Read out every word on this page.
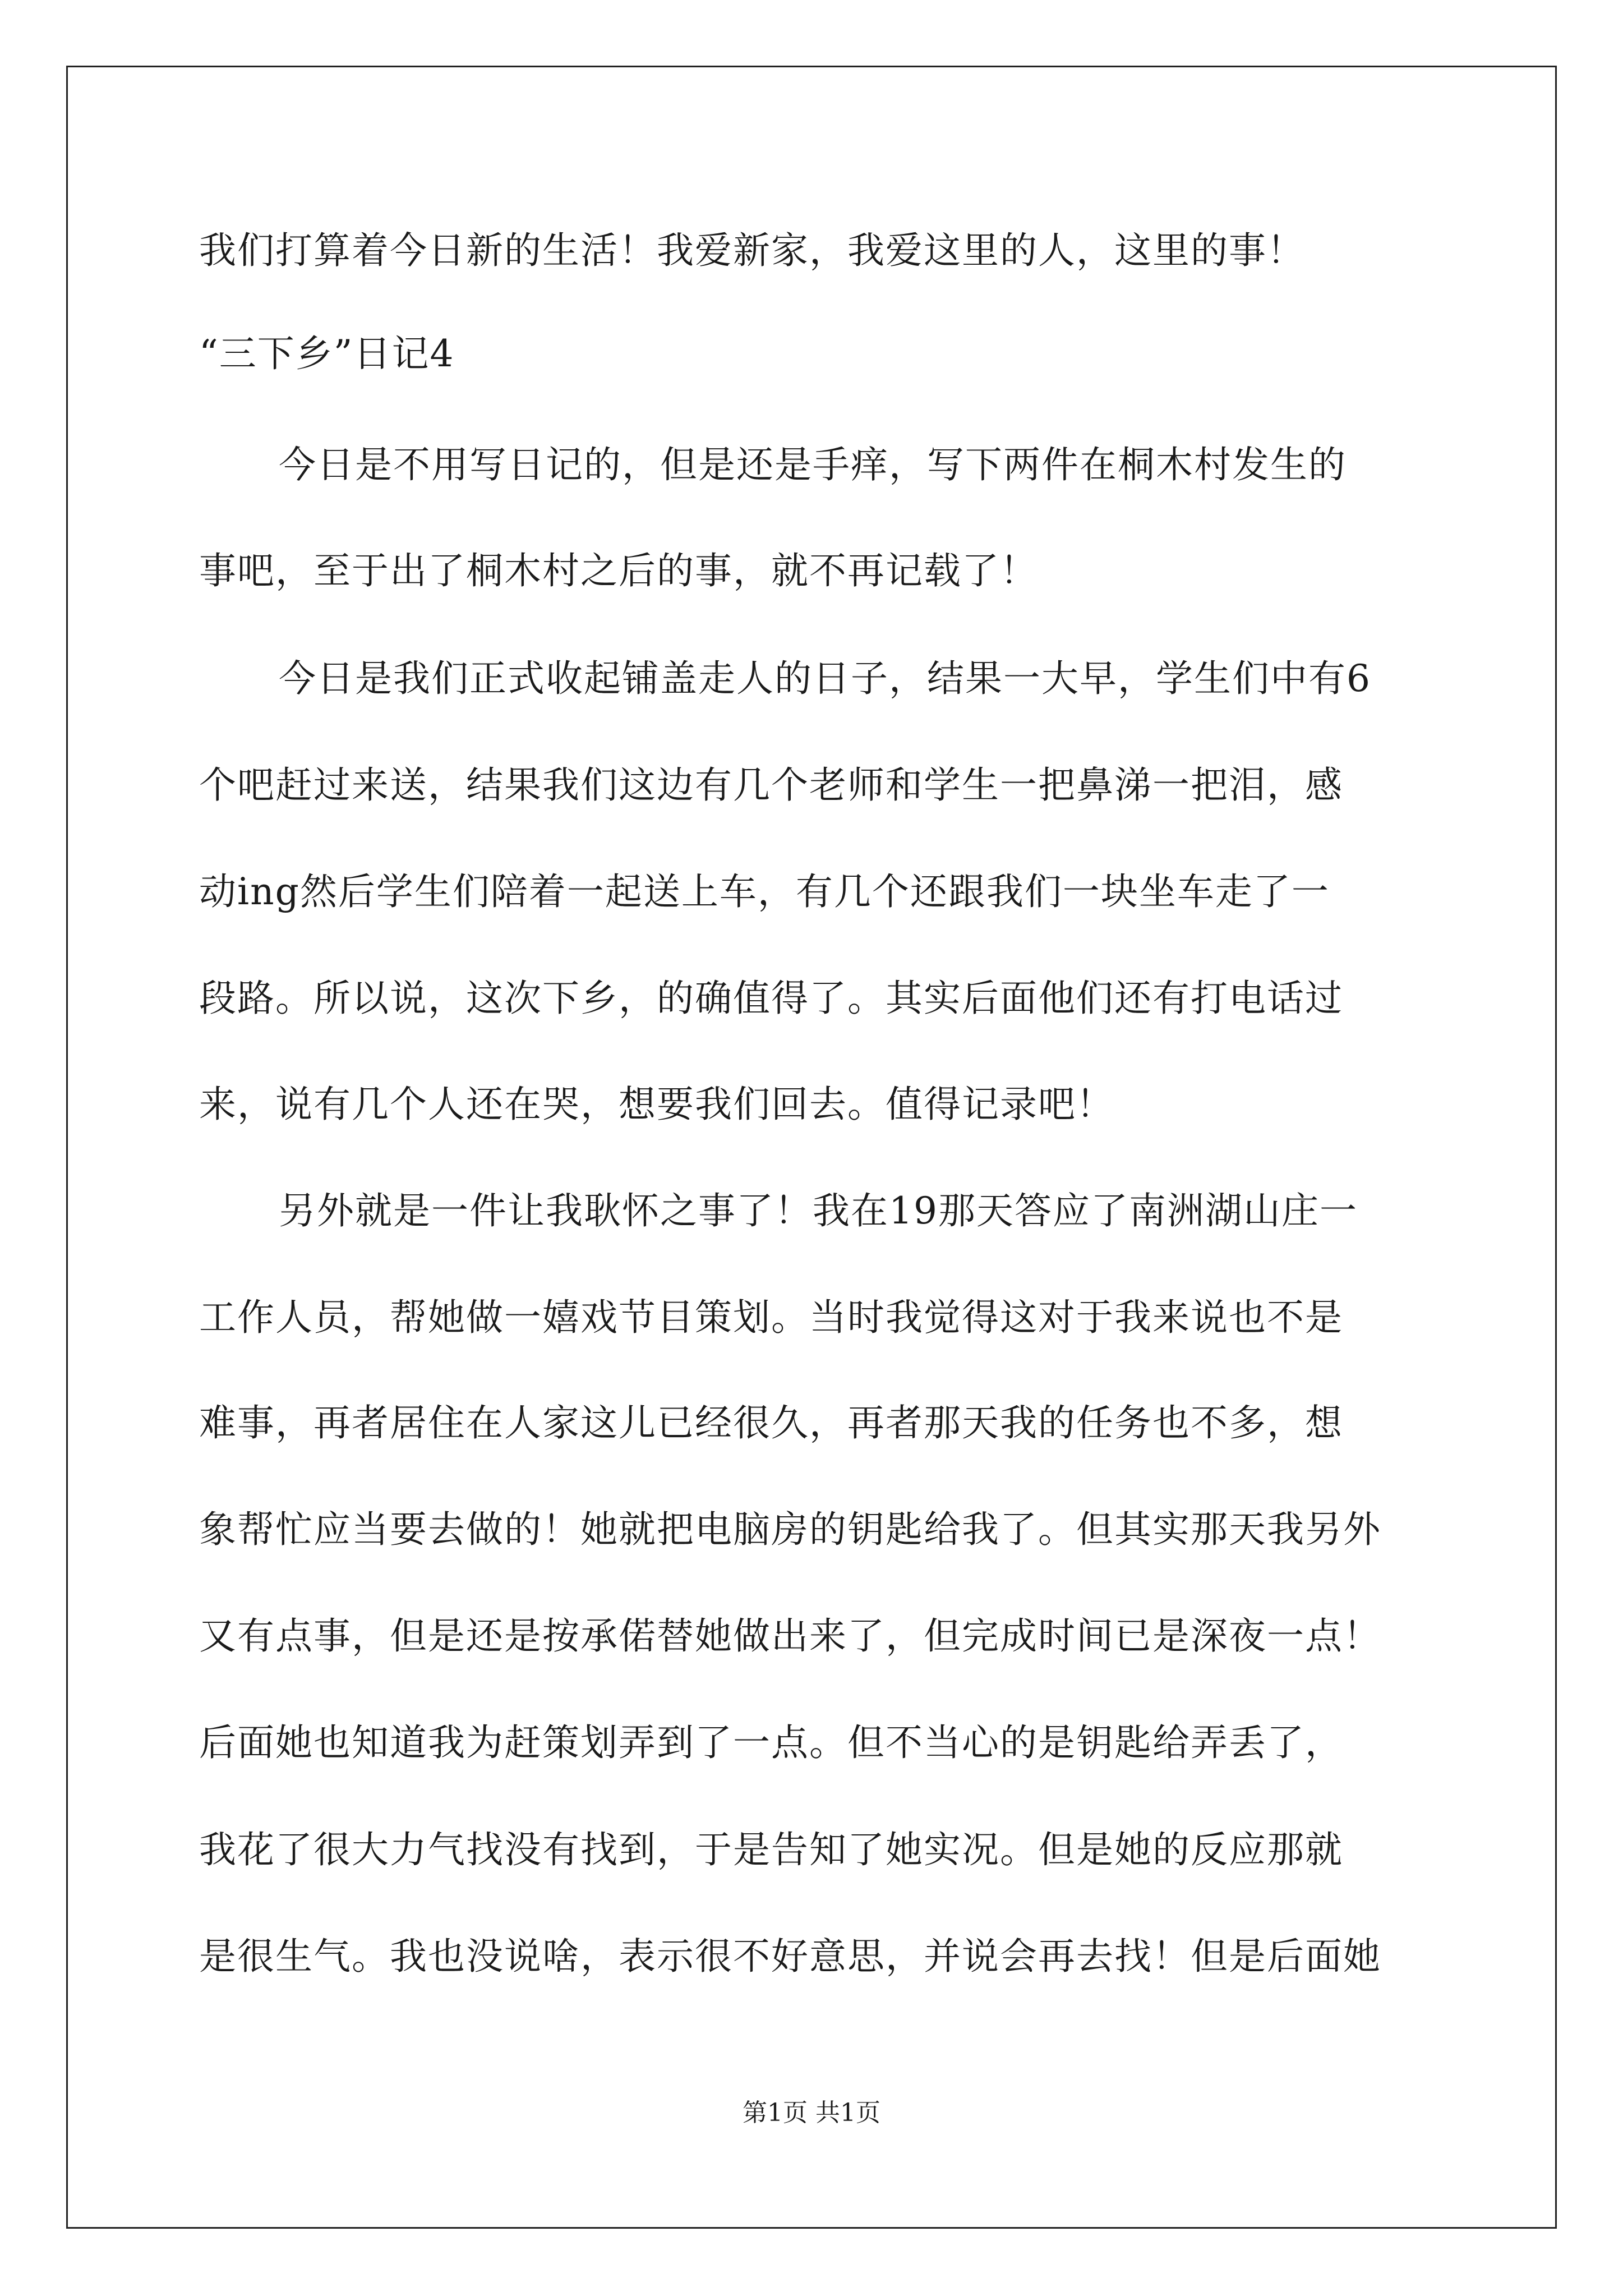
我们打算着今日新的生活！我爱新家，我爱这里的人，这里的事！
“三下乡”日记4
今日是不用写日记的，但是还是手痒，写下两件在桐木村发生的
事吧，至于出了桐木村之后的事，就不再记载了！
今日是我们正式收起铺盖走人的日子，结果一大早，学生们中有6
个吧赶过来送，结果我们这边有几个老师和学生一把鼻涕一把泪，感
动ing然后学生们陪着一起送上车，有几个还跟我们一块坐车走了一
段路。所以说，这次下乡，的确值得了。其实后面他们还有打电话过
来，说有几个人还在哭，想要我们回去。值得记录吧！
另外就是一件让我耿怀之事了！我在19那天答应了南洲湖山庄一
工作人员，帮她做一嬉戏节目策划。当时我觉得这对于我来说也不是
难事，再者居住在人家这儿已经很久，再者那天我的任务也不多，想
象帮忙应当要去做的！她就把电脑房的钥匙给我了。但其实那天我另外
又有点事，但是还是按承偌替她做出来了，但完成时间已是深夜一点！
后面她也知道我为赶策划弄到了一点。但不当心的是钥匙给弄丢了，
我花了很大力气找没有找到，于是告知了她实况。但是她的反应那就
是很生气。我也没说啥，表示很不好意思，并说会再去找！但是后面她
第1页 共1页
